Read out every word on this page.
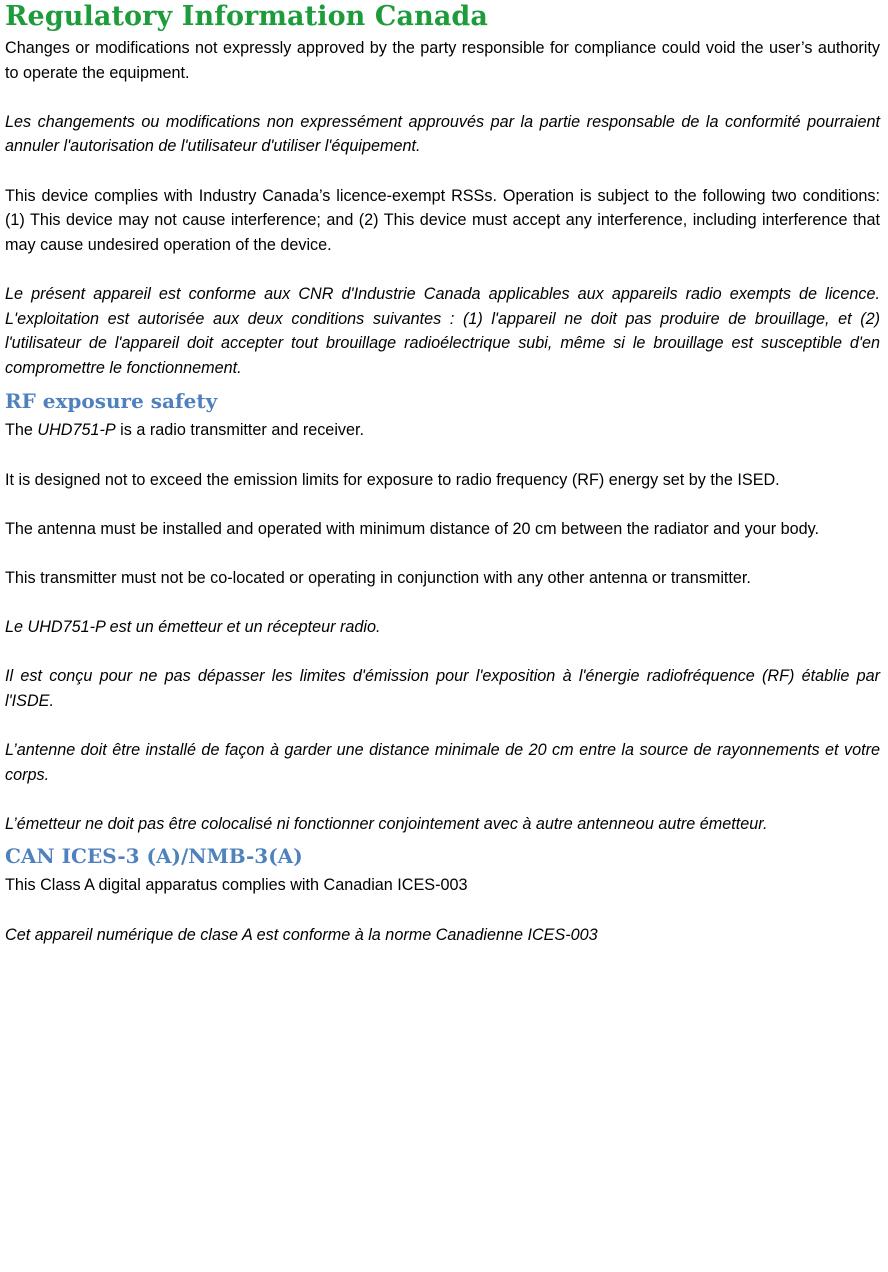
Regulatory Information Canada

Changes or modifications not expressly approved by the party responsible for compliance could void the user’s authority to operate the equipment.

Les changements ou modifications non expressément approuvés par la partie responsable de la conformité pourraient annuler l'autorisation de l'utilisateur d'utiliser l'équipement.

This device complies with Industry Canada’s licence-exempt RSSs. Operation is subject to the following two conditions: (1) This device may not cause interference; and (2) This device must accept any interference, including interference that may cause undesired operation of the device.

Le présent appareil est conforme aux CNR d'Industrie Canada applicables aux appareils radio exempts de licence. L'exploitation est autorisée aux deux conditions suivantes : (1) l'appareil ne doit pas produire de brouillage, et (2) l'utilisateur de l'appareil doit accepter tout brouillage radioélectrique subi, même si le brouillage est susceptible d'en compromettre le fonctionnement.

RF exposure safety

The UHD751-P is a radio transmitter and receiver.

It is designed not to exceed the emission limits for exposure to radio frequency (RF) energy set by the ISED.

The antenna must be installed and operated with minimum distance of 20 cm between the radiator and your body.

This transmitter must not be co-located or operating in conjunction with any other antenna or transmitter.

Le UHD751-P est un émetteur et un récepteur radio.

Il est conçu pour ne pas dépasser les limites d'émission pour l'exposition à l'énergie radiofréquence (RF) établie par l'ISDE.

L’antenne doit être installé de façon à garder une distance minimale de 20 cm entre la source de rayonnements et votre corps.

L’émetteur ne doit pas être colocalisé ni fonctionner conjointement avec à autre antenneou autre émetteur.

CAN ICES-3 (A)/NMB-3(A)

This Class A digital apparatus complies with Canadian ICES-003

Cet appareil numérique de clase A est conforme à la norme Canadienne ICES-003
